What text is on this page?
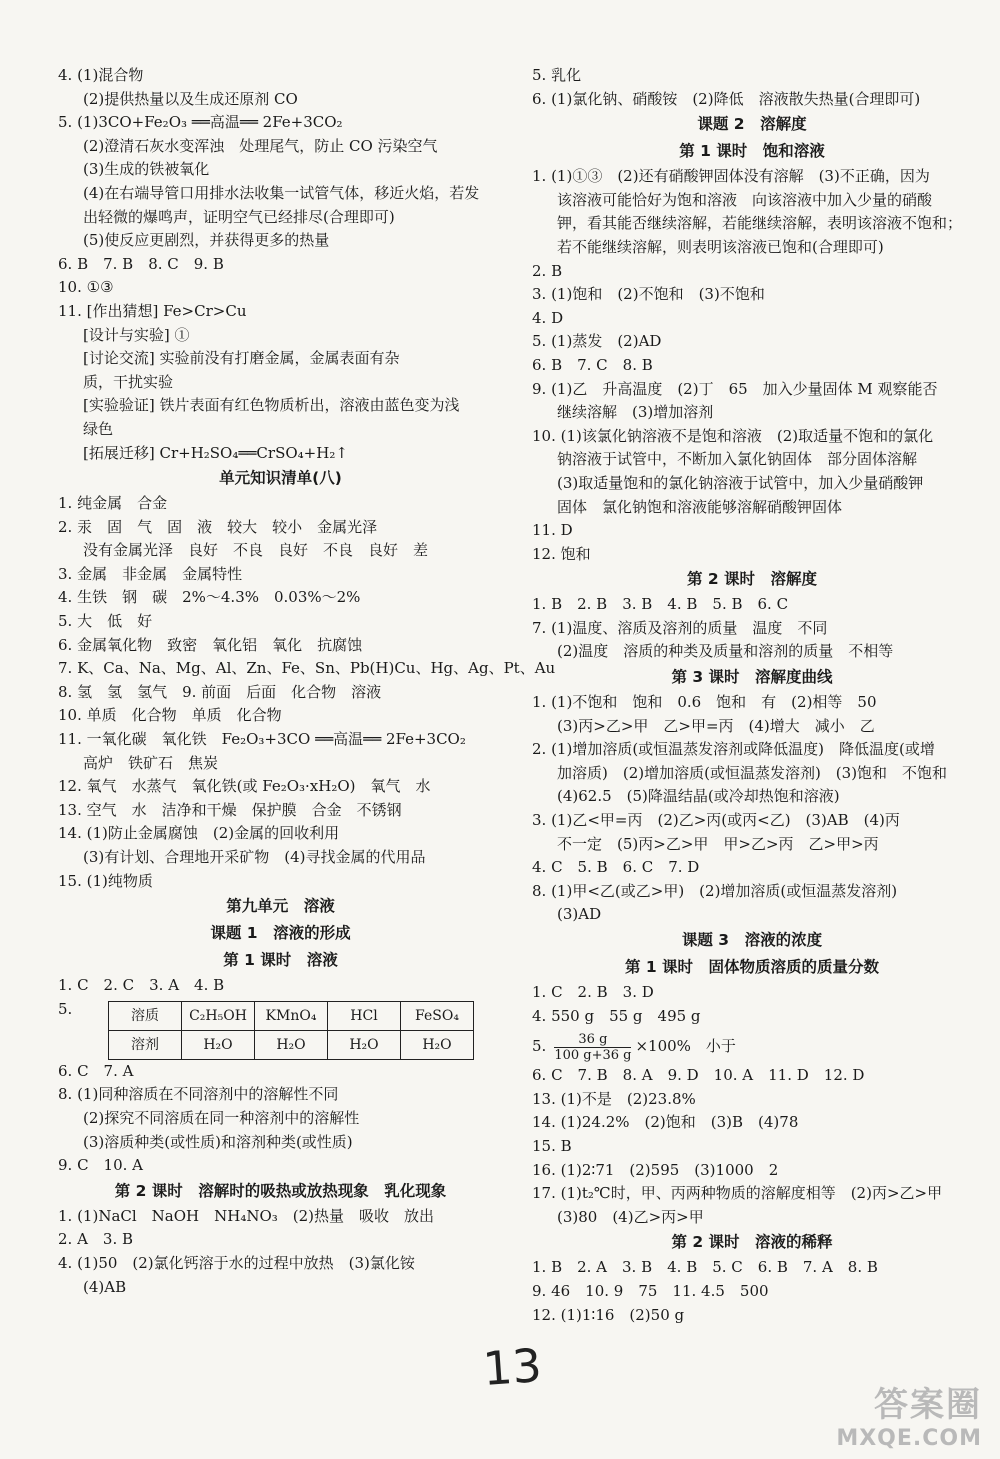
4. (1)混合物
(2)提供热量以及生成还原剂 CO
5. (1)3CO+Fe₂O₃ ══高温══ 2Fe+3CO₂
(2)澄清石灰水变浑浊　处理尾气，防止 CO 污染空气
(3)生成的铁被氧化
(4)在右端导管口用排水法收集一试管气体，移近火焰，若发
出轻微的爆鸣声，证明空气已经排尽(合理即可)
(5)使反应更剧烈，并获得更多的热量
6. B　7. B　8. C　9. B
10. ①③
11. [作出猜想] Fe>Cr>Cu
[设计与实验] ①
[讨论交流] 实验前没有打磨金属，金属表面有杂
质，干扰实验
[实验验证] 铁片表面有红色物质析出，溶液由蓝色变为浅
绿色
[拓展迁移] Cr+H₂SO₄══CrSO₄+H₂↑
单元知识清单(八)
1. 纯金属　合金
2. 汞　固　气　固　液　较大　较小　金属光泽
没有金属光泽　良好　不良　良好　不良　良好　差
3. 金属　非金属　金属特性
4. 生铁　钢　碳　2%～4.3%　0.03%～2%
5. 大　低　好
6. 金属氧化物　致密　氧化铝　氧化　抗腐蚀
7. K、Ca、Na、Mg、Al、Zn、Fe、Sn、Pb(H)Cu、Hg、Ag、Pt、Au
8. 氢　氢　氢气　9. 前面　后面　化合物　溶液
10. 单质　化合物　单质　化合物
11. 一氧化碳　氧化铁　Fe₂O₃+3CO ══高温══ 2Fe+3CO₂
高炉　铁矿石　焦炭
12. 氧气　水蒸气　氧化铁(或 Fe₂O₃·xH₂O)　氧气　水
13. 空气　水　洁净和干燥　保护膜　合金　不锈钢
14. (1)防止金属腐蚀　(2)金属的回收利用
(3)有计划、合理地开采矿物　(4)寻找金属的代用品
15. (1)纯物质
第九单元　溶液
课题 1　溶液的形成
第 1 课时　溶液
1. C　2. C　3. A　4. B
5.	溶质	C₂H₅OH	KMnO₄	HCl	FeSO₄
溶剂	H₂O	H₂O	H₂O	H₂O
6. C　7. A
8. (1)同种溶质在不同溶剂中的溶解性不同
(2)探究不同溶质在同一种溶剂中的溶解性
(3)溶质种类(或性质)和溶剂种类(或性质)
9. C　10. A
第 2 课时　溶解时的吸热或放热现象　乳化现象
1. (1)NaCl　NaOH　NH₄NO₃　(2)热量　吸收　放出
2. A　3. B
4. (1)50　(2)氯化钙溶于水的过程中放热　(3)氯化铵
(4)AB
5. 乳化
6. (1)氯化钠、硝酸铵　(2)降低　溶液散失热量(合理即可)
课题 2　溶解度
第 1 课时　饱和溶液
1. (1)①③　(2)还有硝酸钾固体没有溶解　(3)不正确，因为
该溶液可能恰好为饱和溶液　向该溶液中加入少量的硝酸
钾，看其能否继续溶解，若能继续溶解，表明该溶液不饱和；
若不能继续溶解，则表明该溶液已饱和(合理即可)
2. B
3. (1)饱和　(2)不饱和　(3)不饱和
4. D
5. (1)蒸发　(2)AD
6. B　7. C　8. B
9. (1)乙　升高温度　(2)丁　65　加入少量固体 M 观察能否
继续溶解　(3)增加溶剂
10. (1)该氯化钠溶液不是饱和溶液　(2)取适量不饱和的氯化
钠溶液于试管中，不断加入氯化钠固体　部分固体溶解
(3)取适量饱和的氯化钠溶液于试管中，加入少量硝酸钾
固体　氯化钠饱和溶液能够溶解硝酸钾固体
11. D
12. 饱和
第 2 课时　溶解度
1. B　2. B　3. B　4. B　5. B　6. C
7. (1)温度、溶质及溶剂的质量　温度　不同
(2)温度　溶质的种类及质量和溶剂的质量　不相等
第 3 课时　溶解度曲线
1. (1)不饱和　饱和　0.6　饱和　有　(2)相等　50
(3)丙>乙>甲　乙>甲=丙　(4)增大　减小　乙
2. (1)增加溶质(或恒温蒸发溶剂或降低温度)　降低温度(或增
加溶质)　(2)增加溶质(或恒温蒸发溶剂)　(3)饱和　不饱和
(4)62.5　(5)降温结晶(或冷却热饱和溶液)
3. (1)乙<甲=丙　(2)乙>丙(或丙<乙)　(3)AB　(4)丙
不一定　(5)丙>乙>甲　甲>乙>丙　乙>甲>丙
4. C　5. B　6. C　7. D
8. (1)甲<乙(或乙>甲)　(2)增加溶质(或恒温蒸发溶剂)
(3)AD
课题 3　溶液的浓度
第 1 课时　固体物质溶质的质量分数
1. C　2. B　3. D
4. 550 g　55 g　495 g
5. $\frac{36 g}{100 g+36 g} \times 100\%$　小于
6. C　7. B　8. A　9. D　10. A　11. D　12. D
13. (1)不是　(2)23.8%
14. (1)24.2%　(2)饱和　(3)B　(4)78
15. B
16. (1)2∶71　(2)595　(3)1000　2
17. (1)t₂℃时，甲、丙两种物质的溶解度相等　(2)丙>乙>甲
(3)80　(4)乙>丙>甲
第 2 课时　溶液的稀释
1. B　2. A　3. B　4. B　5. C　6. B　7. A　8. B
9. 46　10. 9　75　11. 4.5　500
12. (1)1∶16　(2)50 g
13
答案圈
MXQE.COM
